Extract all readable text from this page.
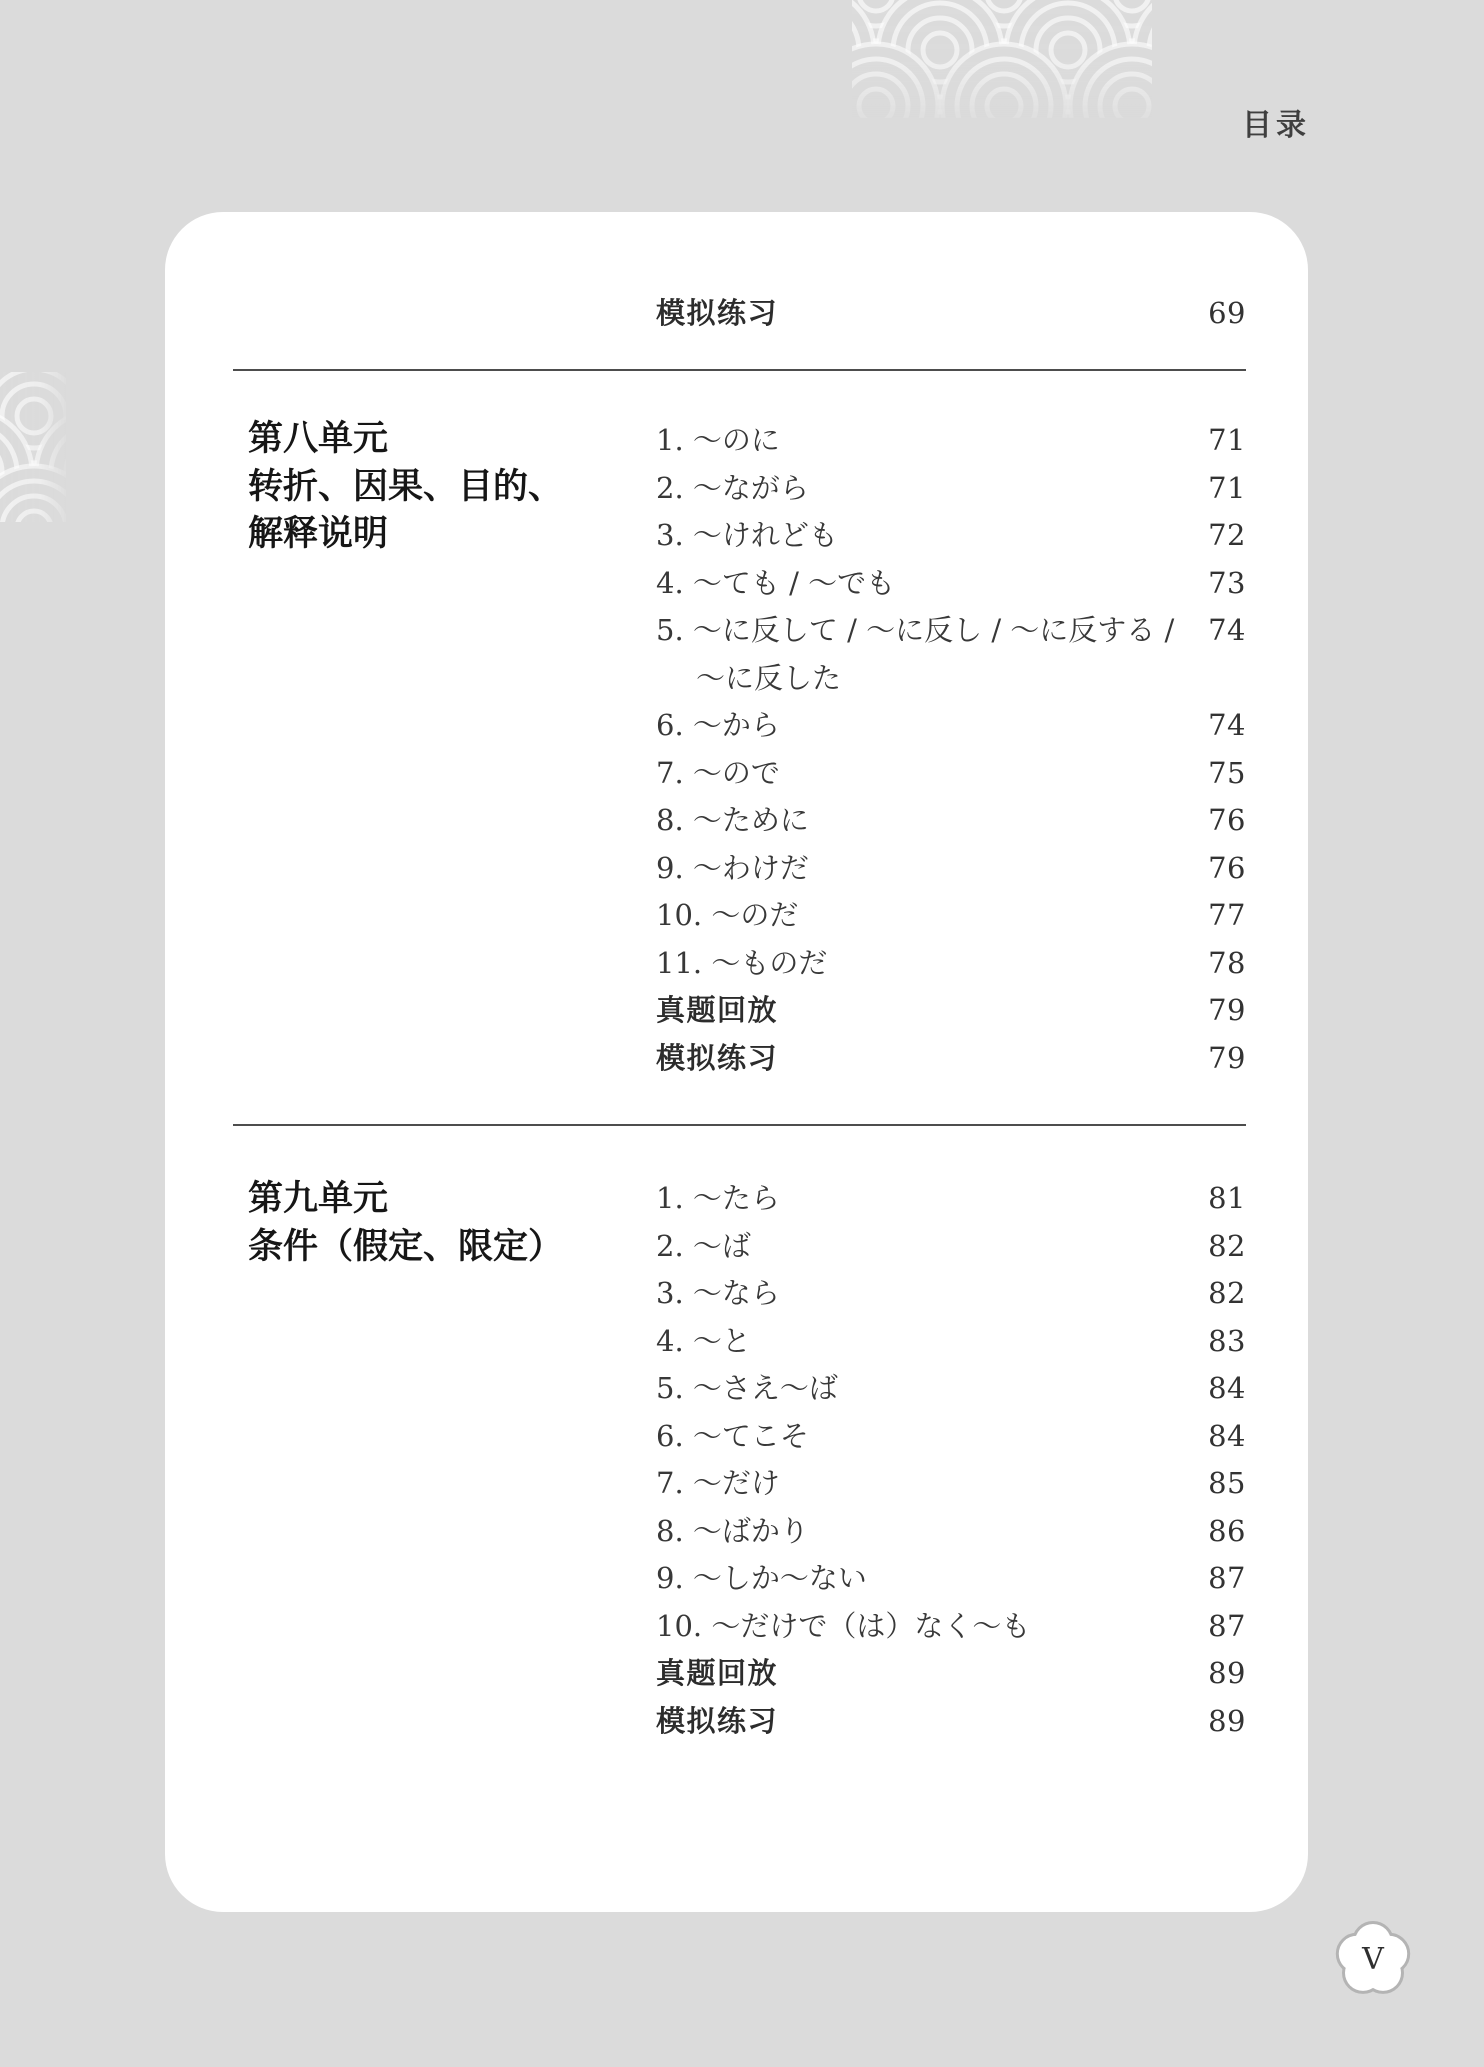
目录
模拟练习	69
第八单元
转折、因果、目的、
解释说明
1. ～のに	71
2. ～ながら	71
3. ～けれども	72
4. ～ても / ～でも	73
5. ～に反して / ～に反し / ～に反する / 74
～に反した
6. ～から	74
7. ～ので	75
8. ～ために	76
9. ～わけだ	76
10. ～のだ	77
11. ～ものだ	78
真题回放	79
模拟练习	79
第九单元
条件（假定、限定）
1. ～たら	81
2. ～ば	82
3. ～なら	82
4. ～と	83
5. ～さえ～ば	84
6. ～てこそ	84
7. ～だけ	85
8. ～ばかり	86
9. ～しか～ない	87
10. ～だけで（は）なく～も	87
真题回放	89
模拟练习	89
V
